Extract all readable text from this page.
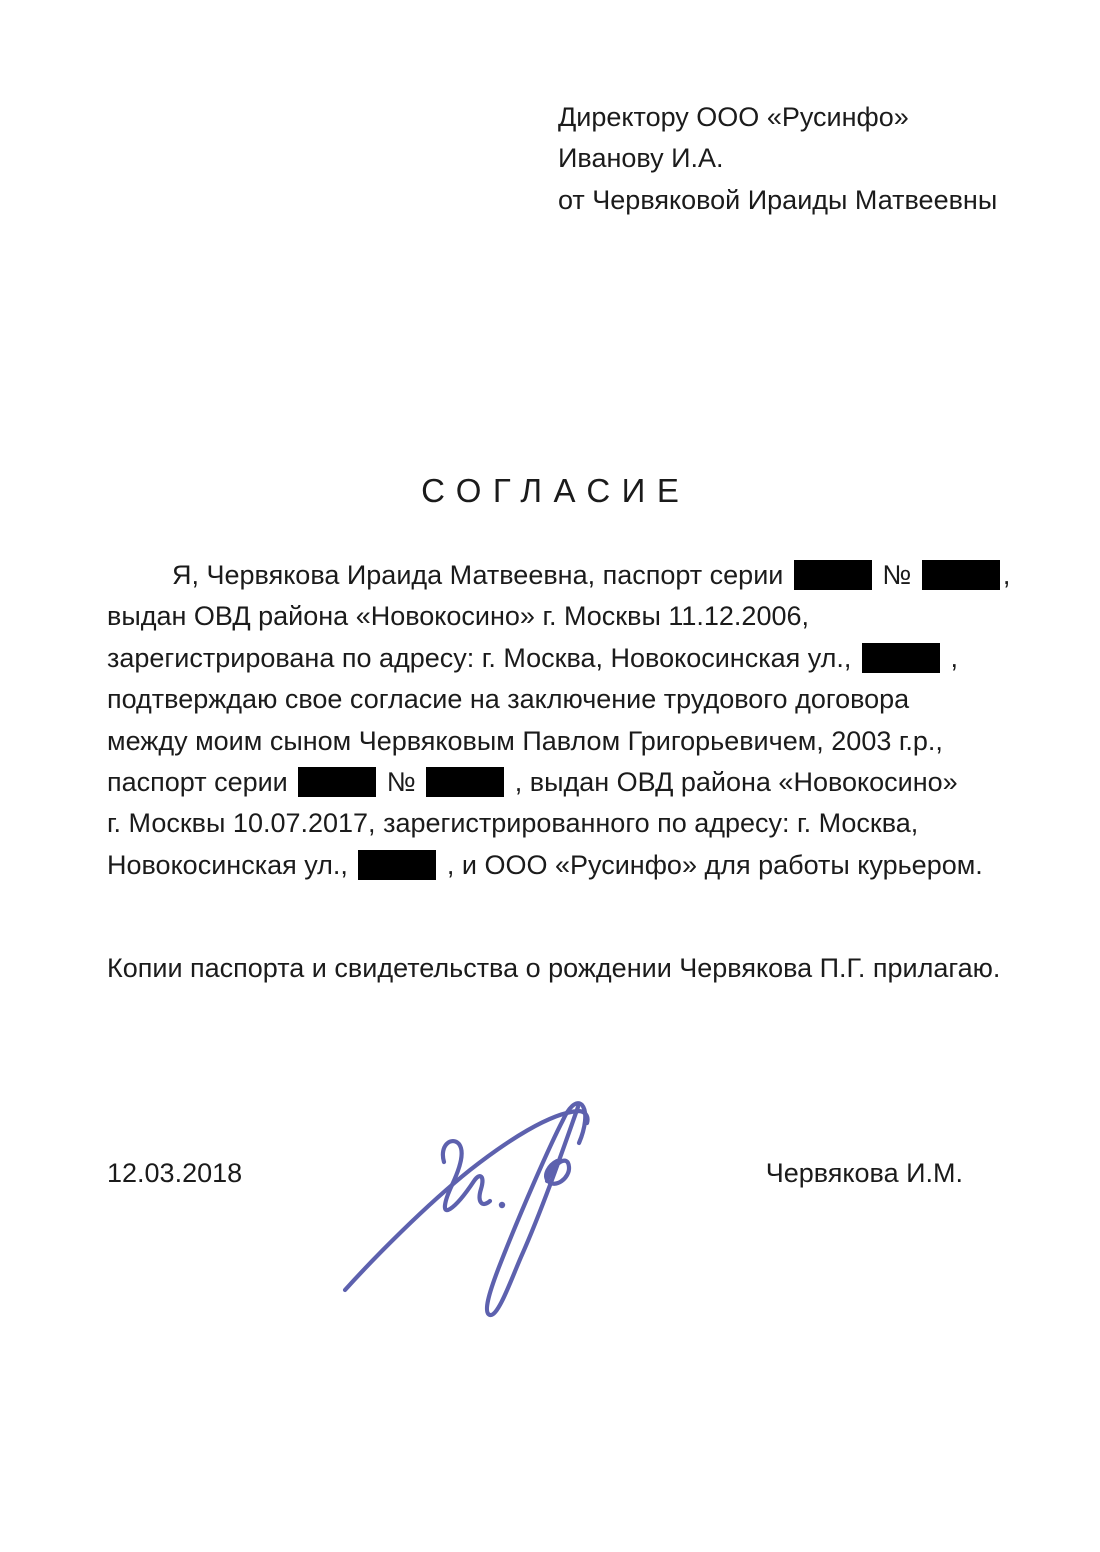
Директору ООО «Русинфо»
Иванову И.А.
от Червяковой Ираиды Матвеевны
СОГЛАСИЕ
Я, Червякова Ираида Матвеевна, паспорт серии	№	,
выдан ОВД района «Новокосино» г. Москвы 11.12.2006,
зарегистрирована по адресу: г. Москва, Новокосинская ул.,	,
подтверждаю свое согласие на заключение трудового договора
между моим сыном Червяковым Павлом Григорьевичем, 2003 г.р.,
паспорт серии	№	, выдан ОВД района «Новокосино»
г. Москвы 10.07.2017, зарегистрированного по адресу: г. Москва,
Новокосинская ул.,	, и ООО «Русинфо» для работы курьером.

Копии паспорта и свидетельства о рождении Червякова П.Г. прилагаю.

12.03.2018	Червякова И.М.
